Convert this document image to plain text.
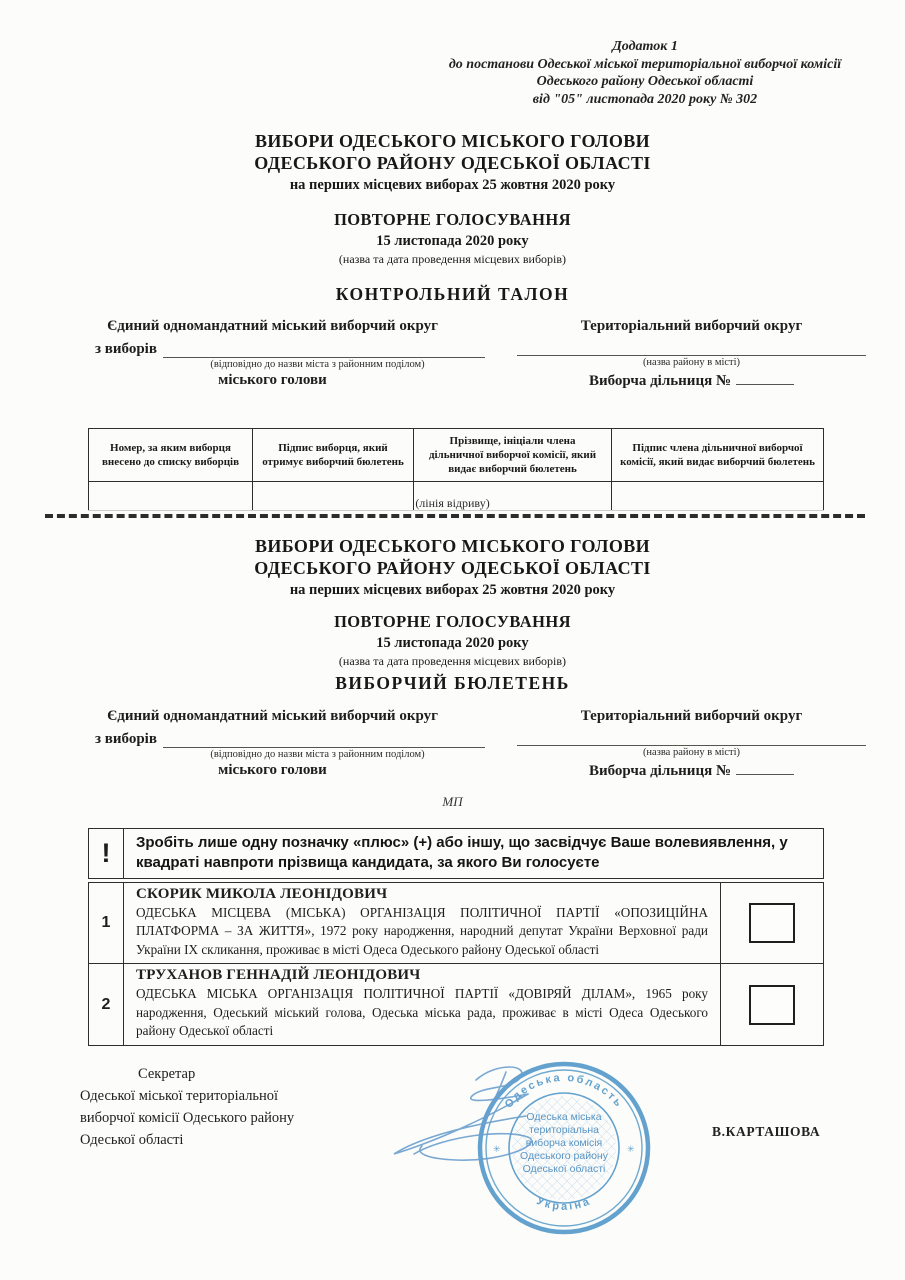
Додаток 1
до постанови Одеської міської територіальної виборчої комісії
Одеського району Одеської області
від "05" листопада 2020 року № 302
ВИБОРИ ОДЕСЬКОГО МІСЬКОГО ГОЛОВИ
ОДЕСЬКОГО РАЙОНУ ОДЕСЬКОЇ ОБЛАСТІ
на перших місцевих виборах 25 жовтня 2020 року
ПОВТОРНЕ ГОЛОСУВАННЯ
15 листопада 2020 року
(назва та дата проведення місцевих виборів)
КОНТРОЛЬНИЙ ТАЛОН
Єдиний одномандатний міський виборчий округ
з виборів
(відповідно до назви міста з районним поділом)
міського голови
Територіальний виборчий округ
(назва району в місті)
Виборча дільниця №
Номер, за яким виборця внесено до списку виборців	Підпис виборця, який отримує виборчий бюлетень	Прізвище, ініціали члена дільничної виборчої комісії, який видає виборчий бюлетень	Підпис члена дільничної виборчої комісії, який видає виборчий бюлетень

(лінія відриву)
ВИБОРИ ОДЕСЬКОГО МІСЬКОГО ГОЛОВИ
ОДЕСЬКОГО РАЙОНУ ОДЕСЬКОЇ ОБЛАСТІ
на перших місцевих виборах 25 жовтня 2020 року
ПОВТОРНЕ ГОЛОСУВАННЯ
15 листопада 2020 року
(назва та дата проведення місцевих виборів)
ВИБОРЧИЙ БЮЛЕТЕНЬ
Єдиний одномандатний міський виборчий округ
з виборів
(відповідно до назви міста з районним поділом)
міського голови
Територіальний виборчий округ
(назва району в місті)
Виборча дільниця №
МП
!	Зробіть лише одну позначку «плюс» (+) або іншу, що засвідчує Ваше волевиявлення, у квадраті навпроти прізвища кандидата, за якого Ви голосуєте
1	СКОРИК МИКОЛА ЛЕОНІДОВИЧ
ОДЕСЬКА МІСЦЕВА (МІСЬКА) ОРГАНІЗАЦІЯ ПОЛІТИЧНОЇ ПАРТІЇ «ОПОЗИЦІЙНА ПЛАТФОРМА – ЗА ЖИТТЯ», 1972 року народження, народний депутат України Верховної ради України IX скликання, проживає в місті Одеса Одеського району Одеської області	

2	ТРУХАНОВ ГЕННАДІЙ ЛЕОНІДОВИЧ
ОДЕСЬКА МІСЬКА ОРГАНІЗАЦІЯ ПОЛІТИЧНОЇ ПАРТІЇ «ДОВІРЯЙ ДІЛАМ», 1965 року народження, Одеський міський голова, Одеська міська рада, проживає в місті Одеса Одеського району Одеської області	

Секретар
Одеської міської територіальної
виборчої комісії Одеського району
Одеської області
Одеська область
Україна
✳	✳
Одеська міська
територіальна
виборча комісія
Одеського району
Одеської області
В.КАРТАШОВА
